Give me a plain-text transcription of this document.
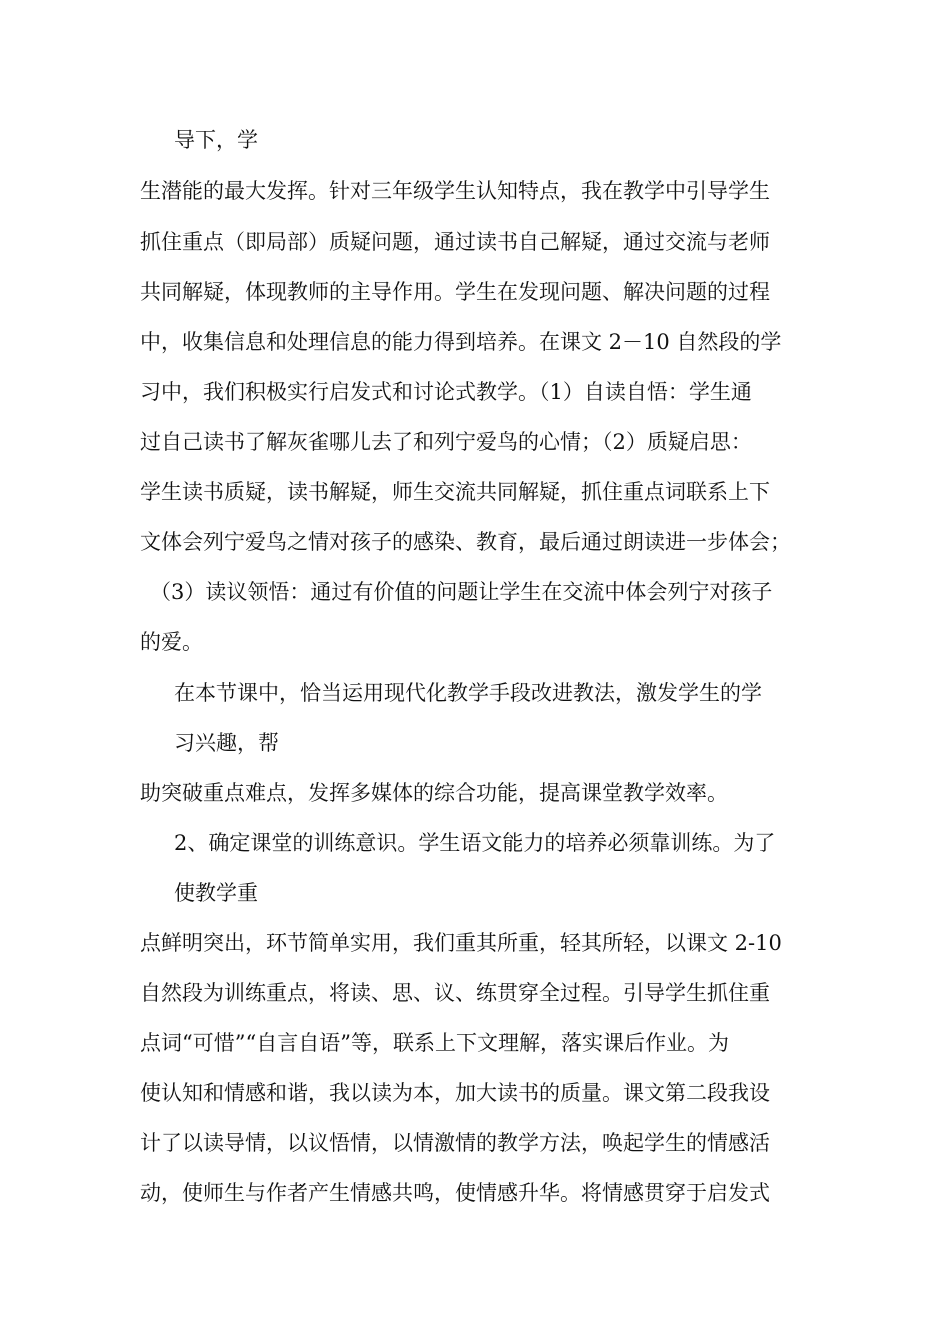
导下，学
生潜能的最大发挥。针对三年级学生认知特点，我在教学中引导学生
抓住重点（即局部）质疑问题，通过读书自己解疑，通过交流与老师
共同解疑，体现教师的主导作用。学生在发现问题、解决问题的过程
中，收集信息和处理信息的能力得到培养。在课文 2－10 自然段的学
习中，我们积极实行启发式和讨论式教学。（1）自读自悟：学生通
过自己读书了解灰雀哪儿去了和列宁爱鸟的心情；（2）质疑启思：
学生读书质疑，读书解疑，师生交流共同解疑，抓住重点词联系上下
文体会列宁爱鸟之情对孩子的感染、教育，最后通过朗读进一步体会；
（3）读议领悟：通过有价值的问题让学生在交流中体会列宁对孩子
的爱。
在本节课中，恰当运用现代化教学手段改进教法，激发学生的学
习兴趣，帮
助突破重点难点，发挥多媒体的综合功能，提高课堂教学效率。
2、确定课堂的训练意识。学生语文能力的培养必须靠训练。为了
使教学重
点鲜明突出，环节简单实用，我们重其所重，轻其所轻，以课文 2-10
自然段为训练重点，将读、思、议、练贯穿全过程。引导学生抓住重
点词“可惜”“自言自语”等，联系上下文理解，落实课后作业。为
使认知和情感和谐，我以读为本，加大读书的质量。课文第二段我设
计了以读导情，以议悟情，以情激情的教学方法，唤起学生的情感活
动，使师生与作者产生情感共鸣，使情感升华。将情感贯穿于启发式
